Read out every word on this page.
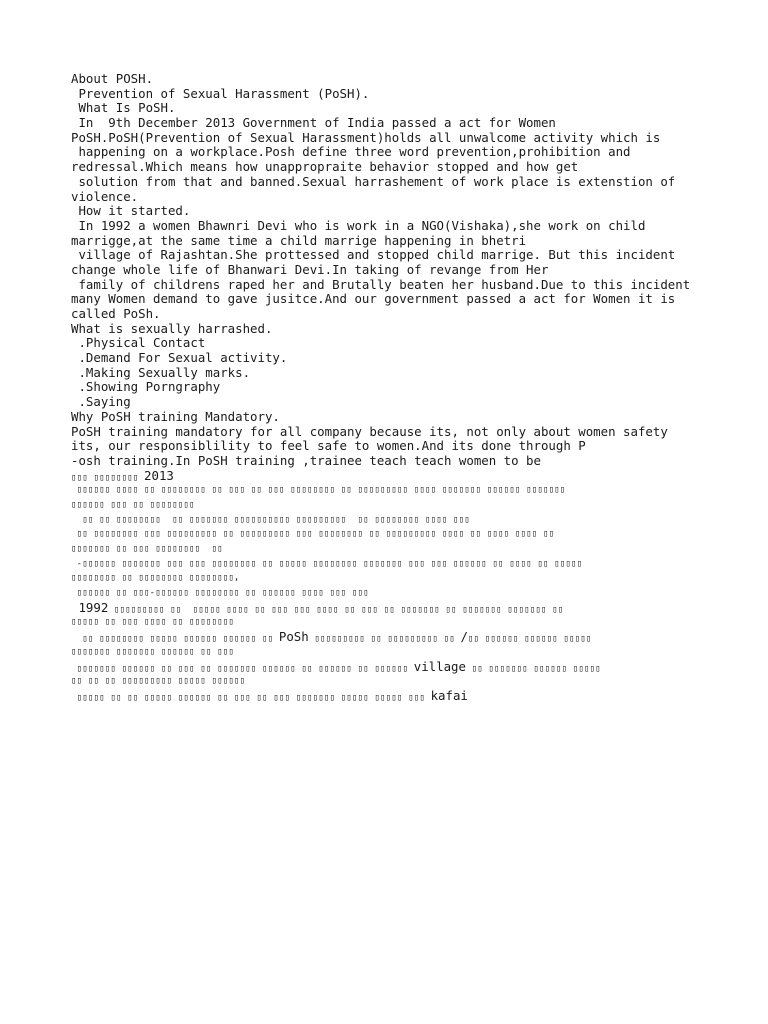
About POSH.
Prevention of Sexual Harassment (PoSH).
What Is PoSH.
In  9th December 2013 Government of India passed a act for Women
PoSH.PoSH(Prevention of Sexual Harassment)holds all unwalcome activity which is
happening on a workplace.Posh define three word prevention,prohibition and
redressal.Which means how unappropraite behavior stopped and how get
solution from that and banned.Sexual harrashement of work place is extenstion of
violence.
How it started.
In 1992 a women Bhawnri Devi who is work in a NGO(Vishaka),she work on child
marrigge,at the same time a child marrige happening in bhetri
village of Rajashtan.She prottessed and stopped child marrige. But this incident
change whole life of Bhanwari Devi.In taking of revange from Her
family of childrens raped her and Brutally beaten her husband.Due to this incident
many Women demand to gave jusitce.And our government passed a act for Women it is
called PoSh.
What is sexually harrashed.
.Physical Contact
.Demand For Sexual activity.
.Making Sexually marks.
.Showing Porngraphy
.Saying
Why PoSH training Mandatory.
PoSH training mandatory for all company because its, not only about women safety
its, our responsiblility to feel safe to women.And its done through P
-osh training.In PoSH training ,trainee teach teach women to be
▯▯▯ ▯▯▯▯▯▯▯▯ 2013
▯▯▯▯▯▯ ▯▯▯▯ ▯▯ ▯▯▯▯▯▯▯▯ ▯▯ ▯▯▯ ▯▯ ▯▯▯ ▯▯▯▯▯▯▯▯ ▯▯ ▯▯▯▯▯▯▯▯▯ ▯▯▯▯ ▯▯▯▯▯▯▯ ▯▯▯▯▯▯ ▯▯▯▯▯▯▯
▯▯▯▯▯▯ ▯▯▯ ▯▯ ▯▯▯▯▯▯▯▯
▯▯ ▯▯ ▯▯▯▯▯▯▯▯  ▯▯ ▯▯▯▯▯▯▯ ▯▯▯▯▯▯▯▯▯▯ ▯▯▯▯▯▯▯▯▯  ▯▯ ▯▯▯▯▯▯▯▯ ▯▯▯▯ ▯▯▯
▯▯ ▯▯▯▯▯▯▯▯ ▯▯▯ ▯▯▯▯▯▯▯▯▯ ▯▯ ▯▯▯▯▯▯▯▯▯ ▯▯▯ ▯▯▯▯▯▯▯▯ ▯▯ ▯▯▯▯▯▯▯▯▯ ▯▯▯▯ ▯▯ ▯▯▯▯ ▯▯▯▯ ▯▯
▯▯▯▯▯▯▯ ▯▯ ▯▯▯ ▯▯▯▯▯▯▯▯  ▯▯
-▯▯▯▯▯▯ ▯▯▯▯▯▯▯ ▯▯▯ ▯▯▯ ▯▯▯▯▯▯▯▯ ▯▯ ▯▯▯▯▯ ▯▯▯▯▯▯▯▯ ▯▯▯▯▯▯▯ ▯▯▯ ▯▯▯ ▯▯▯▯▯▯ ▯▯ ▯▯▯▯ ▯▯ ▯▯▯▯▯
▯▯▯▯▯▯▯▯ ▯▯ ▯▯▯▯▯▯▯▯ ▯▯▯▯▯▯▯▯,
▯▯▯▯▯▯ ▯▯ ▯▯▯-▯▯▯▯▯▯ ▯▯▯▯▯▯▯▯ ▯▯ ▯▯▯▯▯▯ ▯▯▯▯ ▯▯▯ ▯▯▯
1992 ▯▯▯▯▯▯▯▯▯ ▯▯  ▯▯▯▯▯ ▯▯▯▯ ▯▯ ▯▯▯ ▯▯▯ ▯▯▯▯ ▯▯ ▯▯▯ ▯▯ ▯▯▯▯▯▯▯ ▯▯ ▯▯▯▯▯▯▯ ▯▯▯▯▯▯▯ ▯▯
▯▯▯▯▯ ▯▯ ▯▯▯ ▯▯▯▯ ▯▯ ▯▯▯▯▯▯▯▯
▯▯ ▯▯▯▯▯▯▯▯ ▯▯▯▯▯ ▯▯▯▯▯▯ ▯▯▯▯▯▯ ▯▯ PoSh ▯▯▯▯▯▯▯▯▯ ▯▯ ▯▯▯▯▯▯▯▯▯ ▯▯ /▯▯ ▯▯▯▯▯▯ ▯▯▯▯▯▯ ▯▯▯▯▯
▯▯▯▯▯▯▯ ▯▯▯▯▯▯▯ ▯▯▯▯▯▯ ▯▯ ▯▯▯
▯▯▯▯▯▯▯ ▯▯▯▯▯▯ ▯▯ ▯▯▯ ▯▯ ▯▯▯▯▯▯▯ ▯▯▯▯▯▯ ▯▯ ▯▯▯▯▯▯ ▯▯ ▯▯▯▯▯▯ village ▯▯ ▯▯▯▯▯▯▯ ▯▯▯▯▯▯ ▯▯▯▯▯
▯▯ ▯▯ ▯▯ ▯▯▯▯▯▯▯▯▯ ▯▯▯▯▯ ▯▯▯▯▯▯
▯▯▯▯▯ ▯▯ ▯▯ ▯▯▯▯▯ ▯▯▯▯▯▯ ▯▯ ▯▯▯ ▯▯ ▯▯▯ ▯▯▯▯▯▯▯ ▯▯▯▯▯ ▯▯▯▯▯ ▯▯▯ kafai
